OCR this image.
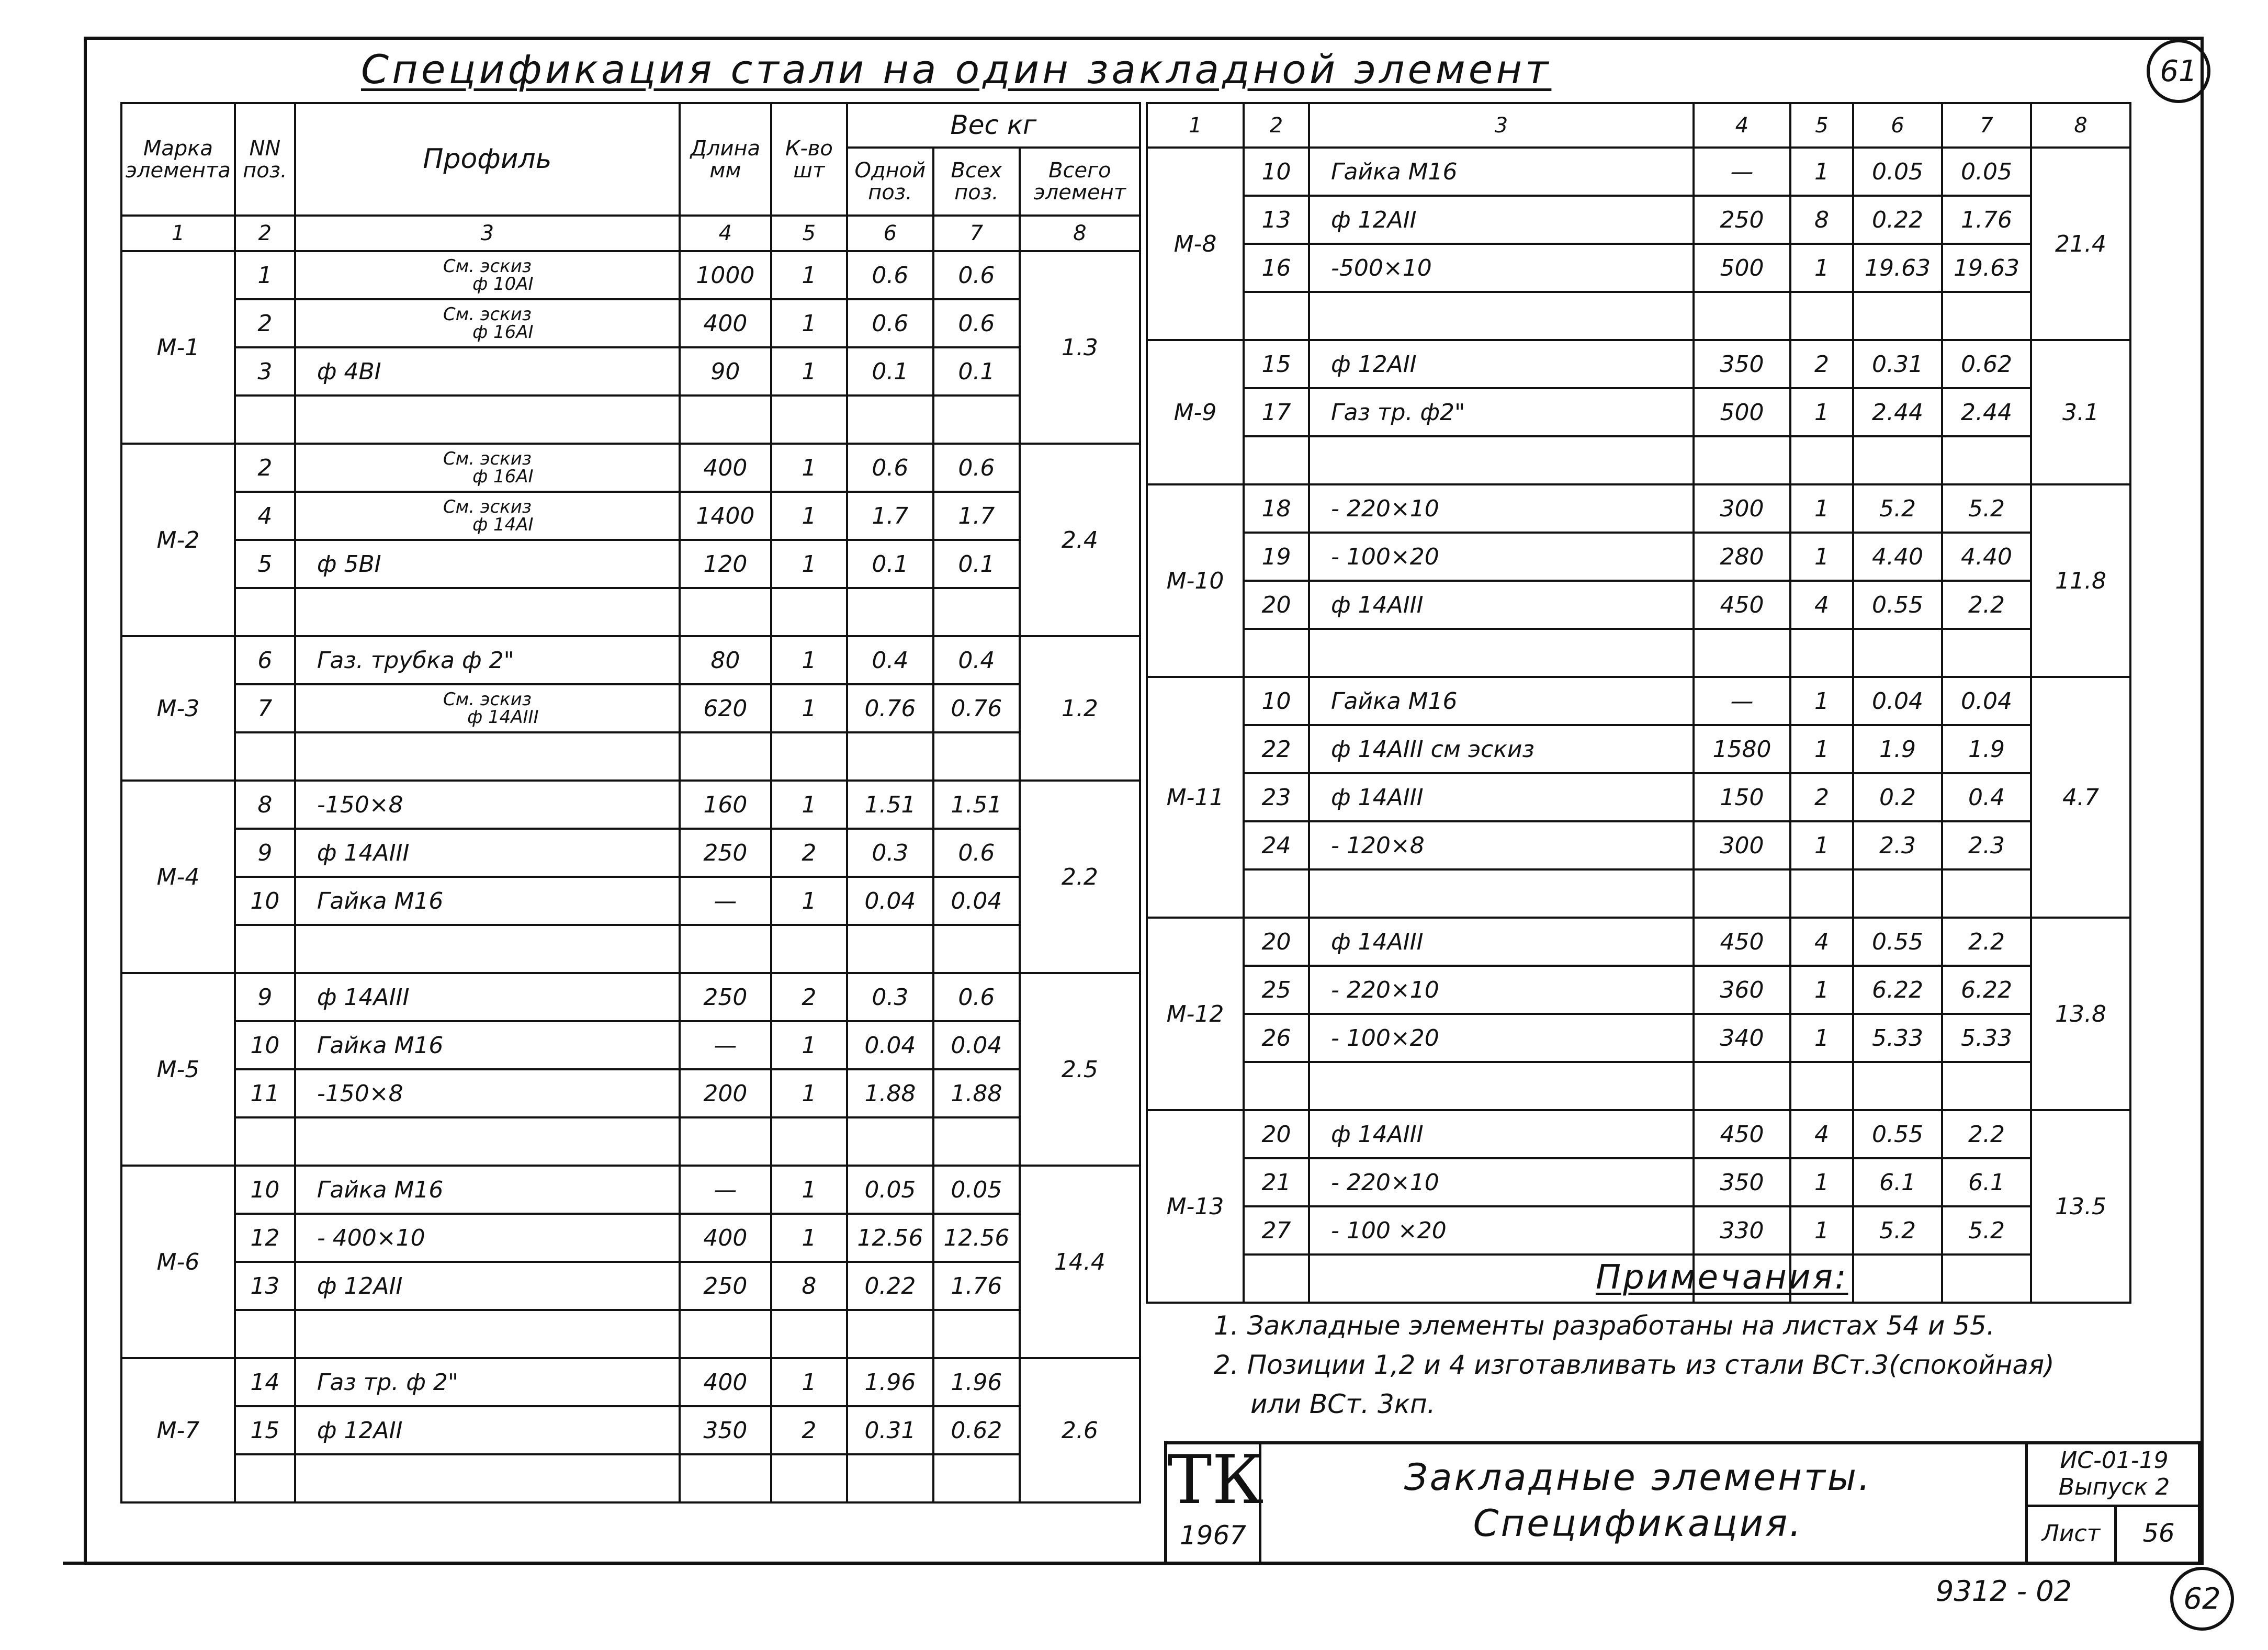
61
62
Спецификация стали на один закладной элемент
Марка элемента	NN поз.	Профиль	Длина мм	К-во шт	Вес кг		
					Одной поз.	Всех поз.	Всего элемент
1	2	3	4	5	6	7	8
М-1	1	См. эскиз
ф 10АI	1000	1	0.6	0.6	1.3
	2	См. эскиз
ф 16АI	400	1	0.6	0.6	
	3	ф 4ВI	90	1	0.1	0.1	

М-2	2	См. эскиз
ф 16АI	400	1	0.6	0.6	2.4
	4	См. эскиз
ф 14АI	1400	1	1.7	1.7	
	5	ф 5ВI	120	1	0.1	0.1	

М-3	6	Газ. трубка ф 2"	80	1	0.4	0.4	1.2
	7	См. эскиз
ф 14АIII	620	1	0.76	0.76	

М-4	8	-150×8	160	1	1.51	1.51	2.2
	9	ф 14АIII	250	2	0.3	0.6	
	10	Гайка М16	—	1	0.04	0.04	

М-5	9	ф 14АIII	250	2	0.3	0.6	2.5
	10	Гайка М16	—	1	0.04	0.04	
	11	-150×8	200	1	1.88	1.88	

М-6	10	Гайка М16	—	1	0.05	0.05	14.4
	12	- 400×10	400	1	12.56	12.56	
	13	ф 12АII	250	8	0.22	1.76	

М-7	14	Газ тр. ф 2"	400	1	1.96	1.96	2.6
	15	ф 12АII	350	2	0.31	0.62	

1	2	3	4	5	6	7	8
М-8	10	Гайка М16	—	1	0.05	0.05	21.4
	13	ф 12АII	250	8	0.22	1.76	
	16	-500×10	500	1	19.63	19.63	

М-9	15	ф 12АII	350	2	0.31	0.62	3.1
	17	Газ тр. ф2"	500	1	2.44	2.44	

М-10	18	- 220×10	300	1	5.2	5.2	11.8
	19	- 100×20	280	1	4.40	4.40	
	20	ф 14АIII	450	4	0.55	2.2	

М-11	10	Гайка М16	—	1	0.04	0.04	4.7
	22	ф 14АIII см эскиз	1580	1	1.9	1.9	
	23	ф 14АIII	150	2	0.2	0.4	
	24	- 120×8	300	1	2.3	2.3	

М-12	20	ф 14АIII	450	4	0.55	2.2	13.8
	25	- 220×10	360	1	6.22	6.22	
	26	- 100×20	340	1	5.33	5.33	

М-13	20	ф 14АIII	450	4	0.55	2.2	13.5
	21	- 220×10	350	1	6.1	6.1	
	27	- 100 ×20	330	1	5.2	5.2	

Примечания:
1. Закладные элементы разработаны на листах 54 и 55.
2. Позиции 1,2 и 4 изготавливать из стали ВСт.3(спокойная)
или ВСт. 3кп.
ТК
1967
Закладные элементы.
Спецификация.
ИС-01-19
Выпуск 2
Лист	56
9312 - 02
